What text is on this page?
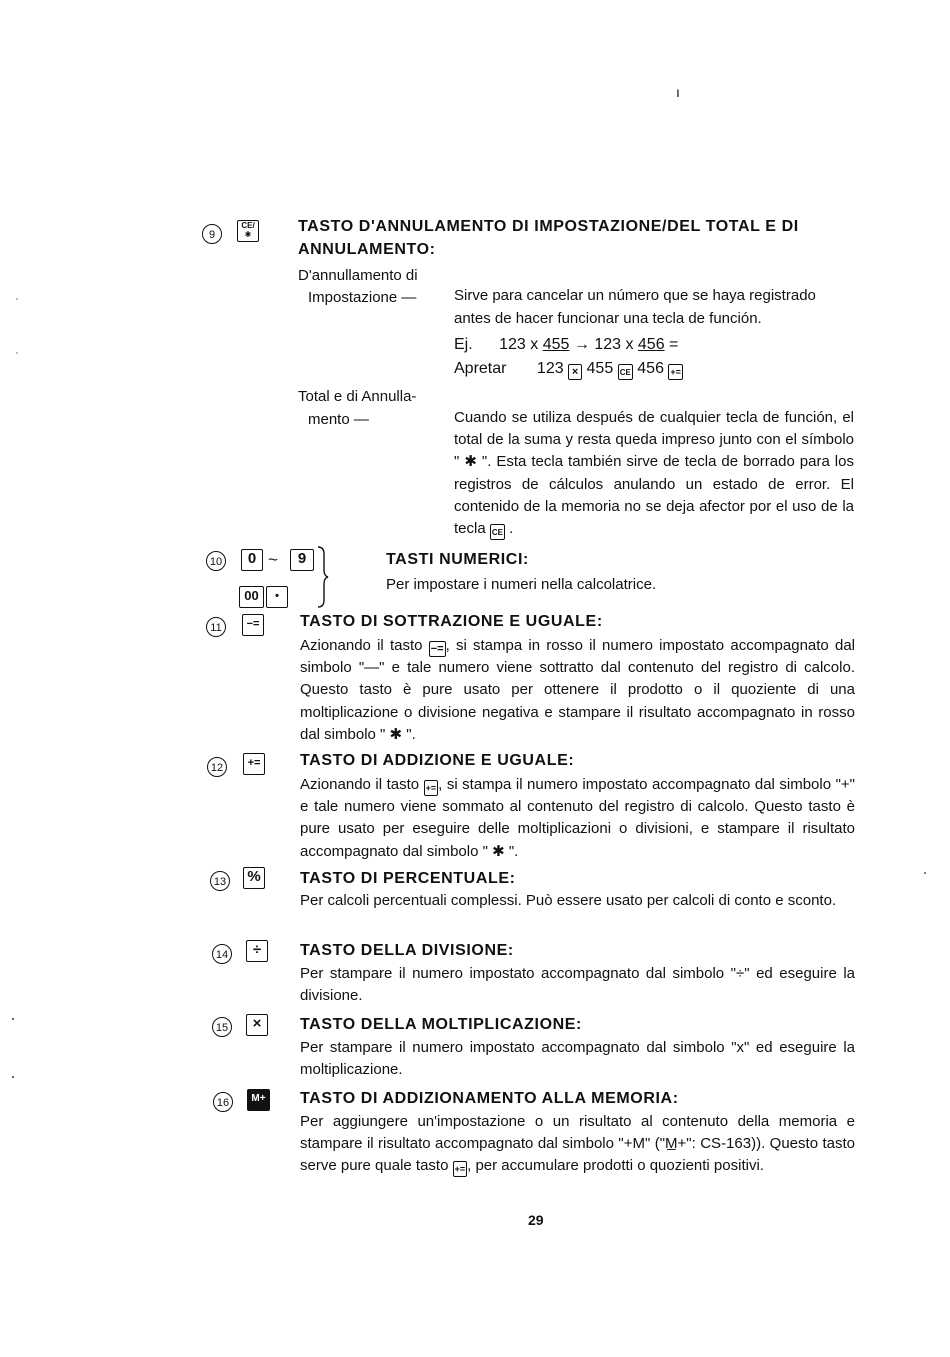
ı
9
CE/✱	TASTO D'ANNULAMENTO DI IMPOSTAZIONE/DEL TOTAL E DI
ANNULAMENTO:
D'annullamento di
Impostazione —	Sirve para cancelar un número que se haya registrado
antes de hacer funcionar una tecla de función.
Ej. 123 x 455 → 123 x 456 =
Apretar 123 × 455 CE 456 +=
Total e di Annulla-
mento —	Cuando se utiliza después de cualquier tecla de función, el total de la suma y resta queda impreso junto con el símbolo " ✱ ". Esta tecla también sirve de tecla de borrado para los registros de cálculos anulando un estado de error. El contenido de la memoria no se deja afector por el uso de la tecla CE .
10	0 ~	9
00	•
TASTI NUMERICI:
Per impostare i numeri nella calcolatrice.
11	−=	TASTO DI SOTTRAZIONE E UGUALE:
Azionando il tasto −= , si stampa in rosso il numero impostato accompagnato dal simbolo "—" e tale numero viene sottratto dal contenuto del registro di calcolo. Questo tasto è pure usato per ottenere il prodotto o il quoziente di una moltiplicazione o divisione negativa e stampare il risultato accompagnato in rosso dal simbolo " ✱ ".
12	+= TASTO DI ADDIZIONE E UGUALE:
Azionando il tasto += , si stampa il numero impostato accompagnato dal simbolo "+" e tale numero viene sommato al contenuto del registro di calcolo. Questo tasto è pure usato per eseguire delle moltiplicazioni o divisioni, e stampare il risultato accompagnato dal simbolo " ✱ ".
13 % TASTO DI PERCENTUALE:
Per calcoli percentuali complessi. Può essere usato per calcoli di conto e sconto.
14	÷	TASTO DELLA DIVISIONE:
Per stampare il numero impostato accompagnato dal simbolo "÷" ed eseguire la divisione.
15	×	TASTO DELLA MOLTIPLICAZIONE:
Per stampare il numero impostato accompagnato dal simbolo "x" ed eseguire la moltiplicazione.
16	M+ TASTO DI ADDIZIONAMENTO ALLA MEMORIA:
Per aggiungere un'impostazione o un risultato al contenuto della memoria e stampare il risultato accompagnato dal simbolo "+M" ("M̲+": CS-163)). Questo tasto serve pure quale tasto += , per accumulare prodotti o quozienti positivi.
29
